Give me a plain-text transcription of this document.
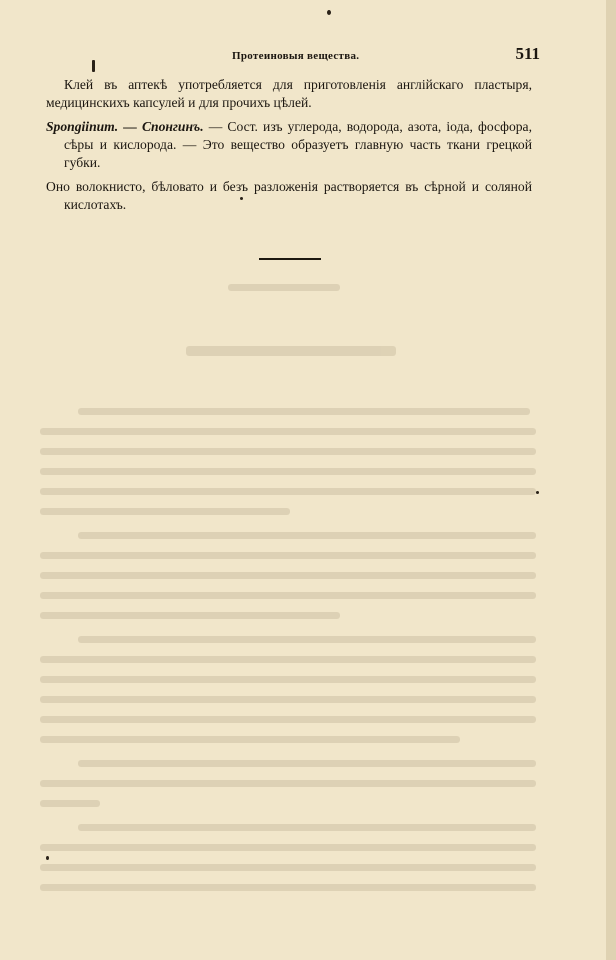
Протеиновыя вещества.	511

Клей въ аптекѣ употребляется для приготовленія англійскаго пластыря, медицинскихъ капсулей и для прочихъ цѣлей.

Spongiinum. — Спонгинъ. — Сост. изъ углерода, водорода, азота, іода, фосфора, сѣры и кислорода. — Это вещество образуетъ главную часть ткани грецкой губки.

Оно волокнисто, бѣловато и безъ разложенія растворяется въ сѣрной и соляной кислотахъ.
